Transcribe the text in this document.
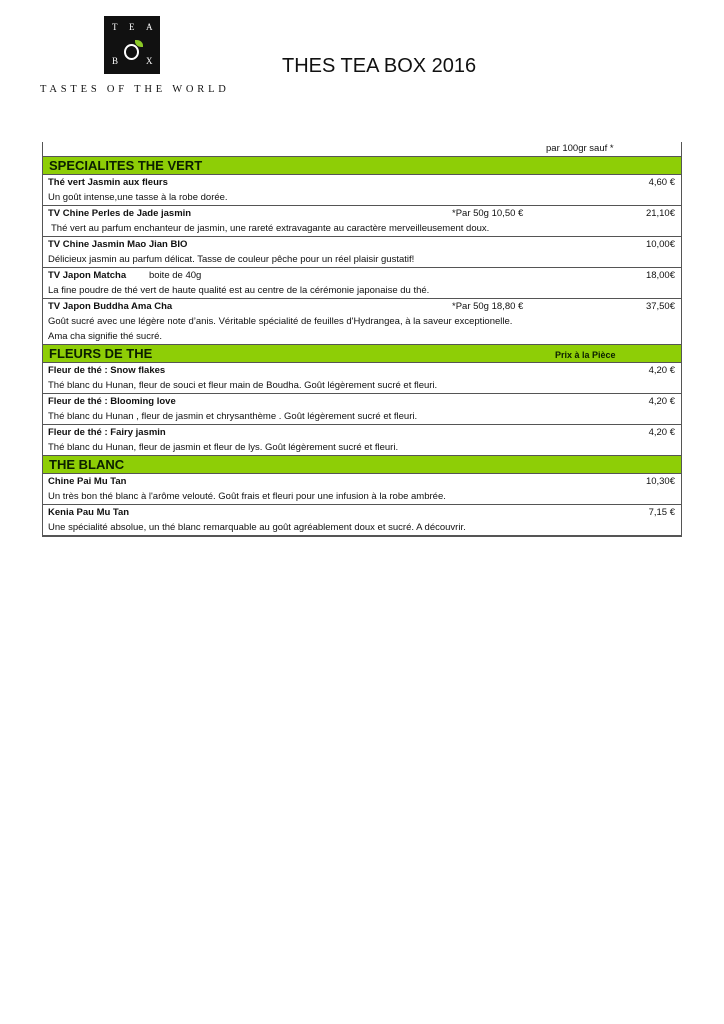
T E A
B	X
TASTES OF THE WORLD
THES TEA BOX 2016
par 100gr sauf *
SPECIALITES THE VERT
Thé vert Jasmin aux fleurs	4,60 €
Un goût intense,une tasse à la robe dorée.
TV Chine Perles de Jade jasmin	*Par 50g 10,50 €	21,10€
Thé vert au parfum enchanteur de jasmin, une rareté extravagante au caractère merveilleusement doux.
TV Chine Jasmin Mao Jian BIO	10,00€
Délicieux jasmin au parfum délicat. Tasse de couleur pêche pour un réel plaisir gustatif!
TV Japon Matcha boite de 40g	18,00€
La fine poudre de thé vert de haute qualité est au centre de la cérémonie japonaise du thé.
TV Japon Buddha Ama Cha	*Par 50g 18,80 €	37,50€
Goût sucré avec une légère note d’anis. Véritable spécialité de feuilles d'Hydrangea, à la saveur exceptionelle.
Ama cha signifie thé sucré.
FLEURS DE THE	Prix à la Pièce
Fleur de thé : Snow flakes	4,20 €
Thé blanc du Hunan, fleur de souci et fleur main de Boudha. Goût légèrement sucré et fleuri.
Fleur de thé : Blooming love	4,20 €
Thé blanc du Hunan , fleur de jasmin et chrysanthème . Goût légèrement sucré et fleuri.
Fleur de thé : Fairy jasmin	4,20 €
Thé blanc du Hunan, fleur de jasmin et fleur de lys. Goût légèrement sucré et fleuri.
THE BLANC
Chine Pai Mu Tan	10,30€
Un très bon thé blanc à l'arôme velouté. Goût frais et fleuri pour une infusion à la robe ambrée.
Kenia Pau Mu Tan	7,15 €
Une spécialité absolue, un thé blanc remarquable au goût agréablement doux et sucré. A découvrir.
